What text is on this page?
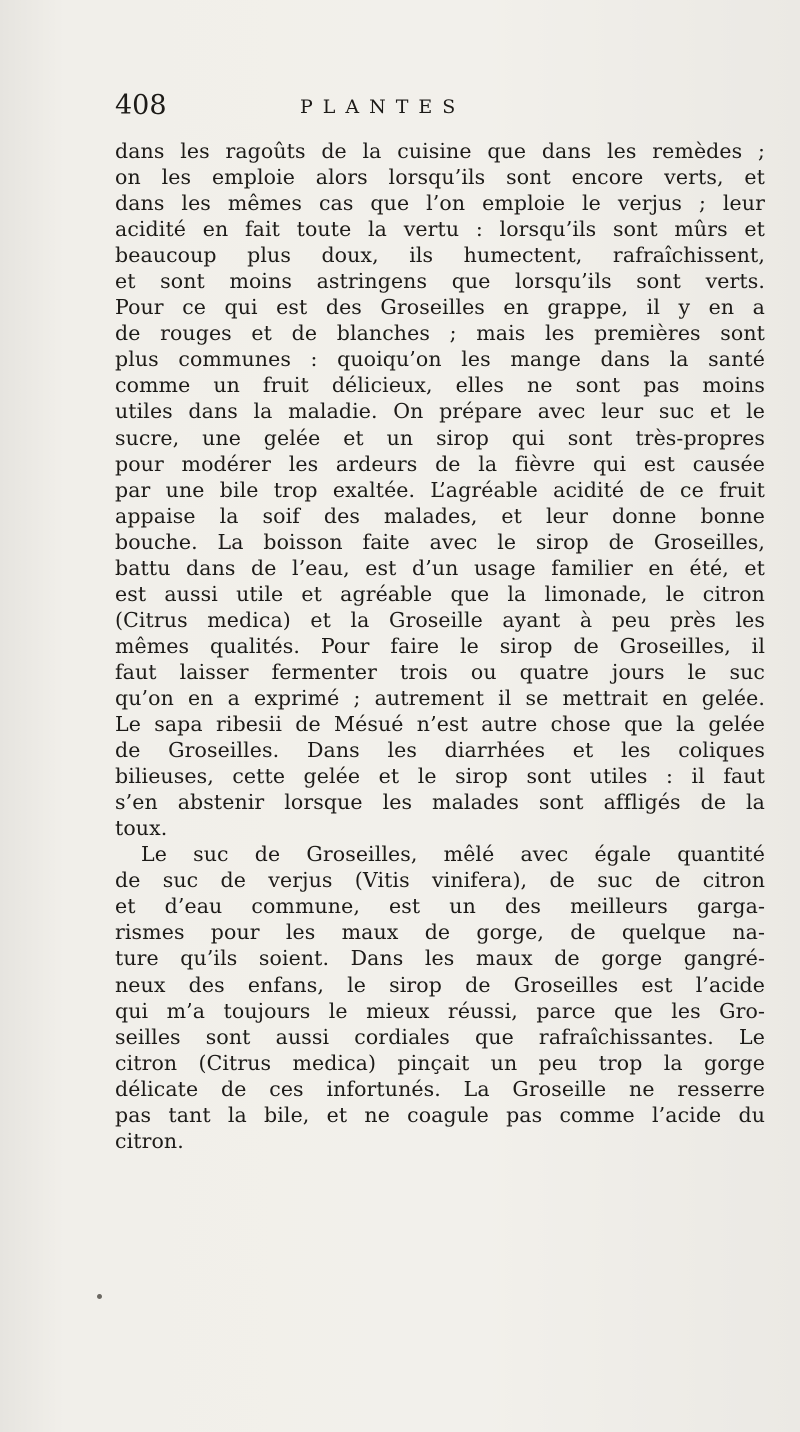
408	PLANTES
dans les ragoûts de la cuisine que dans les remèdes ;
on les emploie alors lorsqu’ils sont encore verts, et
dans les mêmes cas que l’on emploie le verjus ; leur
acidité en fait toute la vertu : lorsqu’ils sont mûrs et
beaucoup plus doux, ils humectent, rafraîchissent,
et sont moins astringens que lorsqu’ils sont verts.
Pour ce qui est des Groseilles en grappe, il y en a
de rouges et de blanches ; mais les premières sont
plus communes : quoiqu’on les mange dans la santé
comme un fruit délicieux, elles ne sont pas moins
utiles dans la maladie. On prépare avec leur suc et le
sucre, une gelée et un sirop qui sont très-propres
pour modérer les ardeurs de la fièvre qui est causée
par une bile trop exaltée. L’agréable acidité de ce fruit
appaise la soif des malades, et leur donne bonne
bouche. La boisson faite avec le sirop de Groseilles,
battu dans de l’eau, est d’un usage familier en été, et
est aussi utile et agréable que la limonade, le citron
(Citrus medica) et la Groseille ayant à peu près les
mêmes qualités. Pour faire le sirop de Groseilles, il
faut laisser fermenter trois ou quatre jours le suc
qu’on en a exprimé ; autrement il se mettrait en gelée.
Le sapa ribesii de Mésué n’est autre chose que la gelée
de Groseilles. Dans les diarrhées et les coliques
bilieuses, cette gelée et le sirop sont utiles : il faut
s’en abstenir lorsque les malades sont affligés de la
toux.
Le suc de Groseilles, mêlé avec égale quantité
de suc de verjus (Vitis vinifera), de suc de citron
et d’eau commune, est un des meilleurs garga-
rismes pour les maux de gorge, de quelque na-
ture qu’ils soient. Dans les maux de gorge gangré-
neux des enfans, le sirop de Groseilles est l’acide
qui m’a toujours le mieux réussi, parce que les Gro-
seilles sont aussi cordiales que rafraîchissantes. Le
citron (Citrus medica) pinçait un peu trop la gorge
délicate de ces infortunés. La Groseille ne resserre
pas tant la bile, et ne coagule pas comme l’acide du
citron.
